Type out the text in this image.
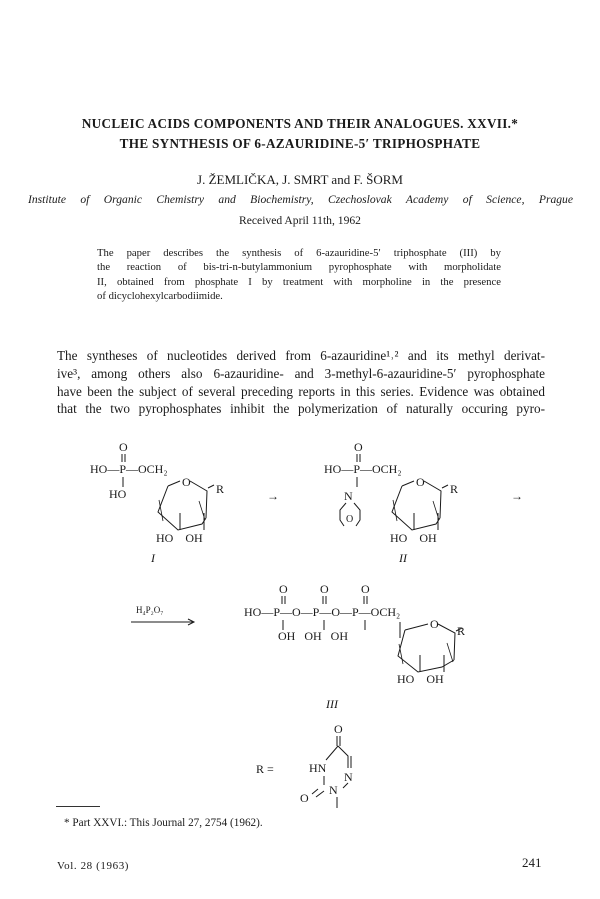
NUCLEIC ACIDS COMPONENTS AND THEIR ANALOGUES. XXVII.*
THE SYNTHESIS OF 6-AZAURIDINE-5′ TRIPHOSPHATE
J. ŽEMLIČKA, J. SMRT and F. ŠORM
Institute of Organic Chemistry and Biochemistry, Czechoslovak Academy of Science, Prague
Received April 11th, 1962
The paper describes the synthesis of 6-azauridine-5′ triphosphate (III) by
the reaction of bis-tri-n-butylammonium pyrophosphate with morpholidate
II, obtained from phosphate I by treatment with morpholine in the presence
of dicyclohexylcarbodiimide.
The syntheses of nucleotides derived from 6-azauridine¹˒² and its methyl derivat-
ive³, among others also 6-azauridine- and 3-methyl-6-azauridine-5′ pyrophosphate
have been the subject of several preceding reports in this series. Evidence was obtained
that the two pyrophosphates inhibit the polymerization of naturally occuring pyro-
O
HO—P—OCH₂
HO
O R
HO    OH
I
→
O
HO—P—OCH₂
N
O
O R
HO    OH
II
→
H₄P₂O₇
O	O	O
HO—P—O—P—O—P—OCH₂
OH   OH   OH
O R
HO    OH
III
R =
O
HN
N
N
O
* Part XXVI.: This Journal 27, 2754 (1962).
Vol. 28 (1963)	241
